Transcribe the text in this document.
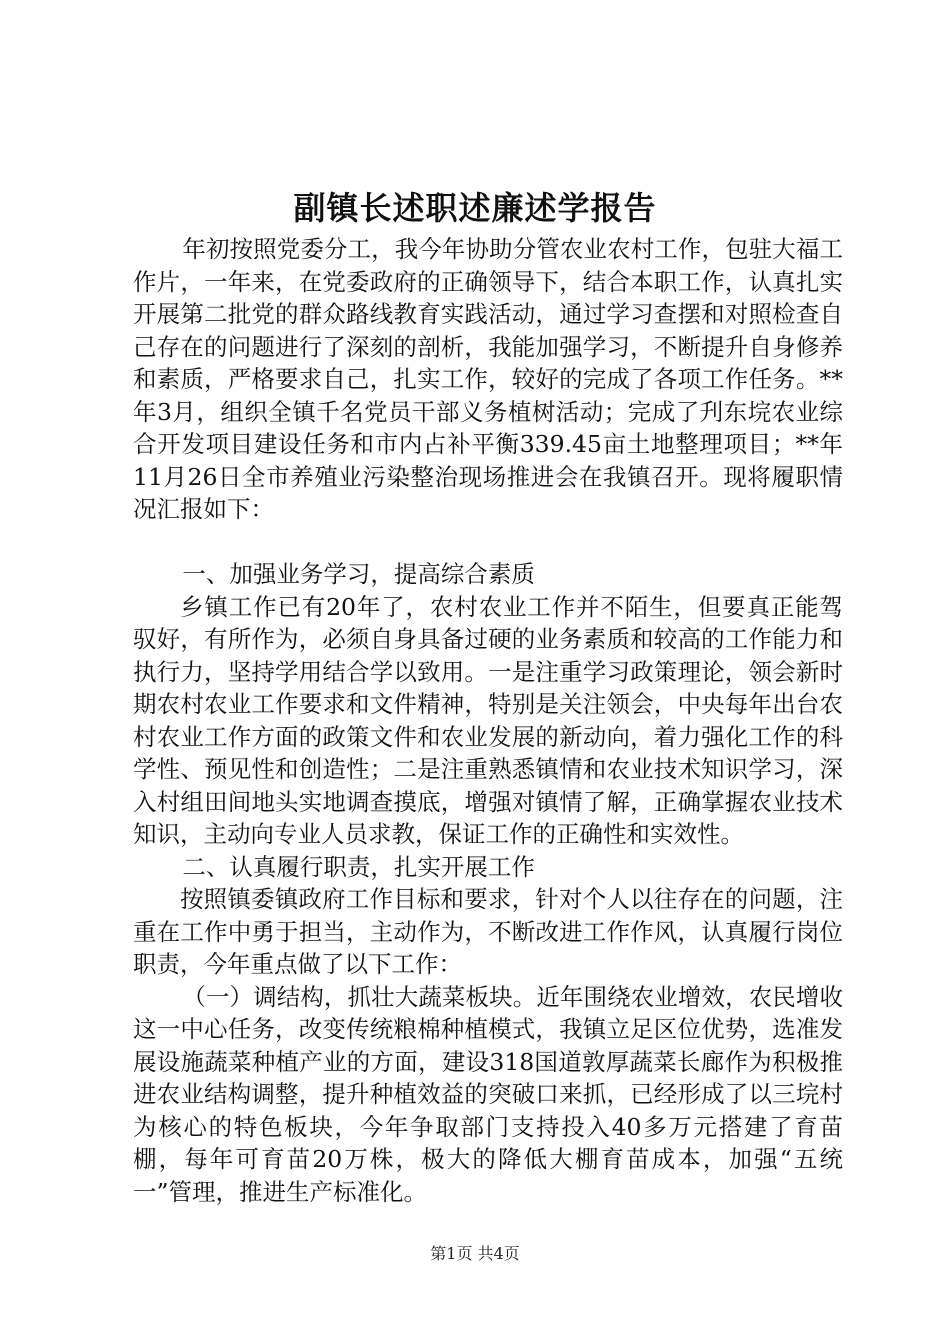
副镇长述职述廉述学报告

年初按照党委分工，我今年协助分管农业农村工作，包驻大福工作片，一年来，在党委政府的正确领导下，结合本职工作，认真扎实开展第二批党的群众路线教育实践活动，通过学习查摆和对照检查自己存在的问题进行了深刻的剖析，我能加强学习，不断提升自身修养和素质，严格要求自己，扎实工作，较好的完成了各项工作任务。**年3月，组织全镇千名党员干部义务植树活动；完成了刋东垸农业综合开发项目建设任务和市内占补平衡339.45亩土地整理项目；**年11月26日全市养殖业污染整治现场推进会在我镇召开。现将履职情况汇报如下：

一、加强业务学习，提高综合素质

乡镇工作已有20年了，农村农业工作并不陌生，但要真正能驾驭好，有所作为，必须自身具备过硬的业务素质和较高的工作能力和执行力，坚持学用结合学以致用。一是注重学习政策理论，领会新时期农村农业工作要求和文件精神，特别是关注领会，中央每年出台农村农业工作方面的政策文件和农业发展的新动向，着力强化工作的科学性、预见性和创造性；二是注重熟悉镇情和农业技术知识学习，深入村组田间地头实地调查摸底，增强对镇情了解，正确掌握农业技术知识，主动向专业人员求教，保证工作的正确性和实效性。

二、认真履行职责，扎实开展工作

按照镇委镇政府工作目标和要求，针对个人以往存在的问题，注重在工作中勇于担当，主动作为，不断改进工作作风，认真履行岗位职责，今年重点做了以下工作：

（一）调结构，抓壮大蔬菜板块。近年围绕农业增效，农民增收这一中心任务，改变传统粮棉种植模式，我镇立足区位优势，选准发展设施蔬菜种植产业的方面，建设318国道敦厚蔬菜长廊作为积极推进农业结构调整，提升种植效益的突破口来抓，已经形成了以三垸村为核心的特色板块，今年争取部门支持投入40多万元搭建了育苗棚，每年可育苗20万株，极大的降低大棚育苗成本，加强“五统一”管理，推进生产标准化。

第1页 共4页
